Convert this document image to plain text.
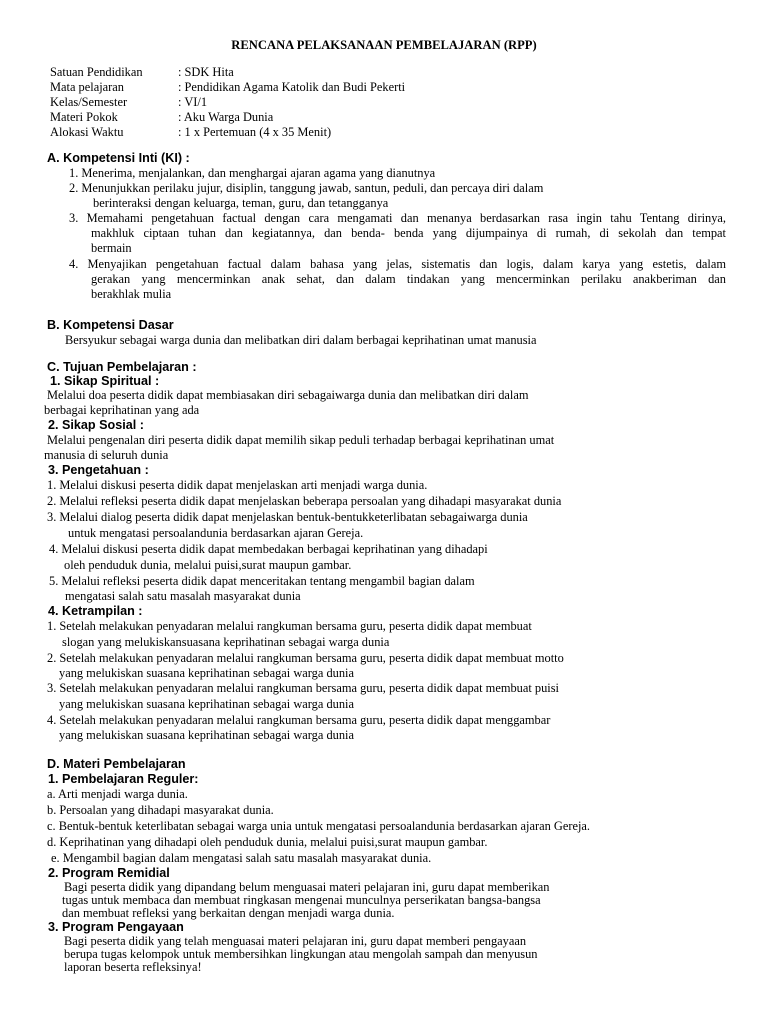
RENCANA PELAKSANAAN PEMBELAJARAN (RPP)
Satuan Pendidikan	: SDK Hita
Mata pelajaran	: Pendidikan Agama Katolik dan Budi Pekerti
Kelas/Semester	: VI/1
Materi Pokok	: Aku Warga Dunia
Alokasi Waktu	: 1 x Pertemuan (4 x 35 Menit)
A. Kompetensi Inti (KI) :
1. Menerima, menjalankan, dan menghargai ajaran agama yang dianutnya
2. Menunjukkan perilaku jujur, disiplin, tanggung jawab, santun, peduli, dan percaya diri dalam
berinteraksi dengan keluarga, teman, guru, dan tetangganya
3. Memahami pengetahuan factual dengan cara mengamati dan menanya berdasarkan rasa ingin tahu Tentang dirinya,
makhluk ciptaan tuhan dan kegiatannya, dan benda- benda yang dijumpainya di rumah, di sekolah dan tempat
bermain
4. Menyajikan pengetahuan factual dalam bahasa yang jelas, sistematis dan logis, dalam karya yang estetis, dalam
gerakan yang mencerminkan anak sehat, dan dalam tindakan yang mencerminkan perilaku anakberiman dan
berakhlak mulia
B. Kompetensi Dasar
Bersyukur sebagai warga dunia dan melibatkan diri dalam berbagai keprihatinan umat manusia
C. Tujuan Pembelajaran :
1. Sikap Spiritual :
Melalui doa peserta didik dapat membiasakan diri sebagaiwarga dunia dan melibatkan diri dalam
berbagai keprihatinan yang ada
2. Sikap Sosial :
Melalui pengenalan diri peserta didik dapat memilih sikap peduli terhadap berbagai keprihatinan umat
manusia di seluruh dunia
3. Pengetahuan :
1. Melalui diskusi peserta didik dapat menjelaskan arti menjadi warga dunia.
2. Melalui refleksi peserta didik dapat menjelaskan beberapa persoalan yang dihadapi masyarakat dunia
3. Melalui dialog peserta didik dapat menjelaskan bentuk-bentukketerlibatan sebagaiwarga dunia
untuk mengatasi persoalandunia berdasarkan ajaran Gereja.
4. Melalui diskusi peserta didik dapat membedakan berbagai keprihatinan yang dihadapi
oleh penduduk dunia, melalui puisi,surat maupun gambar.
5. Melalui refleksi peserta didik dapat menceritakan tentang mengambil bagian dalam
mengatasi salah satu masalah masyarakat dunia
4. Ketrampilan :
1. Setelah melakukan penyadaran melalui rangkuman bersama guru, peserta didik dapat membuat
slogan yang melukiskansuasana keprihatinan sebagai warga dunia
2. Setelah melakukan penyadaran melalui rangkuman bersama guru, peserta didik dapat membuat motto
yang melukiskan suasana keprihatinan sebagai warga dunia
3. Setelah melakukan penyadaran melalui rangkuman bersama guru, peserta didik dapat membuat puisi
yang melukiskan suasana keprihatinan sebagai warga dunia
4. Setelah melakukan penyadaran melalui rangkuman bersama guru, peserta didik dapat menggambar
yang melukiskan suasana keprihatinan sebagai warga dunia
D. Materi Pembelajaran
1. Pembelajaran Reguler:
a. Arti menjadi warga dunia.
b. Persoalan yang dihadapi masyarakat dunia.
c. Bentuk-bentuk keterlibatan sebagai warga unia untuk mengatasi persoalandunia berdasarkan ajaran Gereja.
d. Keprihatinan yang dihadapi oleh penduduk dunia, melalui puisi,surat maupun gambar.
e. Mengambil bagian dalam mengatasi salah satu masalah masyarakat dunia.
2. Program Remidial
Bagi peserta didik yang dipandang belum menguasai materi pelajaran ini, guru dapat memberikan
tugas untuk membaca dan membuat ringkasan mengenai munculnya perserikatan bangsa-bangsa
dan membuat refleksi yang berkaitan dengan menjadi warga dunia.
3. Program Pengayaan
Bagi peserta didik yang telah menguasai materi pelajaran ini, guru dapat memberi pengayaan
berupa tugas kelompok untuk membersihkan lingkungan atau mengolah sampah dan menyusun
laporan beserta refleksinya!
